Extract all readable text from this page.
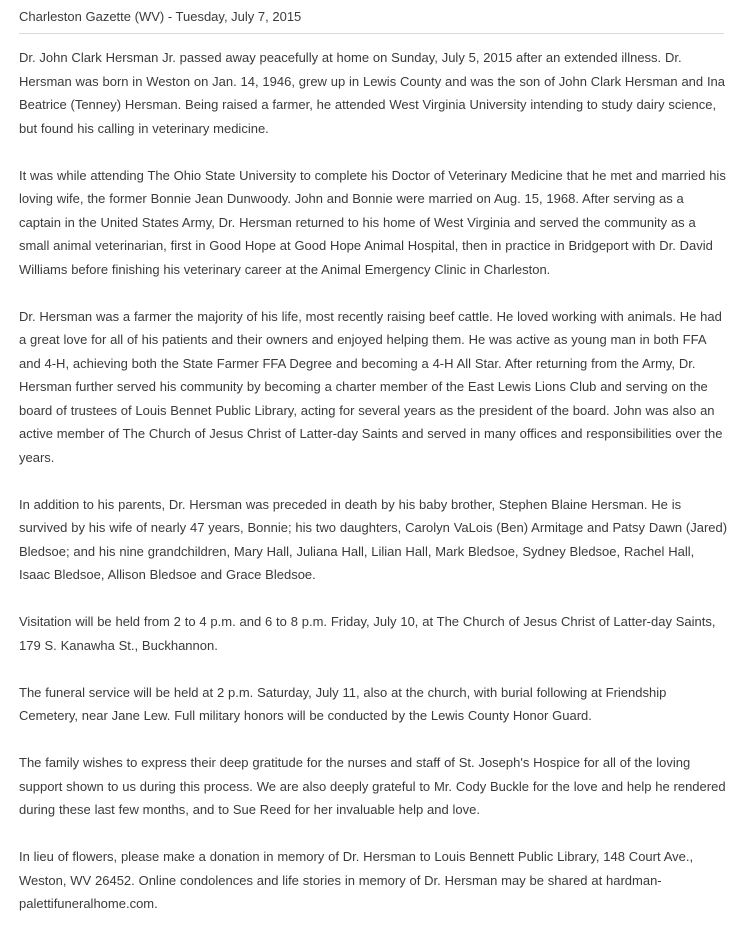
Charleston Gazette (WV) - Tuesday, July 7, 2015

Dr. John Clark Hersman Jr. passed away peacefully at home on Sunday, July 5, 2015 after an extended illness. Dr. Hersman was born in Weston on Jan. 14, 1946, grew up in Lewis County and was the son of John Clark Hersman and Ina Beatrice (Tenney) Hersman. Being raised a farmer, he attended West Virginia University intending to study dairy science, but found his calling in veterinary medicine.

It was while attending The Ohio State University to complete his Doctor of Veterinary Medicine that he met and married his loving wife, the former Bonnie Jean Dunwoody. John and Bonnie were married on Aug. 15, 1968. After serving as a captain in the United States Army, Dr. Hersman returned to his home of West Virginia and served the community as a small animal veterinarian, first in Good Hope at Good Hope Animal Hospital, then in practice in Bridgeport with Dr. David Williams before finishing his veterinary career at the Animal Emergency Clinic in Charleston.

Dr. Hersman was a farmer the majority of his life, most recently raising beef cattle. He loved working with animals. He had a great love for all of his patients and their owners and enjoyed helping them. He was active as young man in both FFA and 4-H, achieving both the State Farmer FFA Degree and becoming a 4-H All Star. After returning from the Army, Dr. Hersman further served his community by becoming a charter member of the East Lewis Lions Club and serving on the board of trustees of Louis Bennet Public Library, acting for several years as the president of the board. John was also an active member of The Church of Jesus Christ of Latter-day Saints and served in many offices and responsibilities over the years.

In addition to his parents, Dr. Hersman was preceded in death by his baby brother, Stephen Blaine Hersman. He is survived by his wife of nearly 47 years, Bonnie; his two daughters, Carolyn VaLois (Ben) Armitage and Patsy Dawn (Jared) Bledsoe; and his nine grandchildren, Mary Hall, Juliana Hall, Lilian Hall, Mark Bledsoe, Sydney Bledsoe, Rachel Hall, Isaac Bledsoe, Allison Bledsoe and Grace Bledsoe.

Visitation will be held from 2 to 4 p.m. and 6 to 8 p.m. Friday, July 10, at The Church of Jesus Christ of Latter-day Saints, 179 S. Kanawha St., Buckhannon.

The funeral service will be held at 2 p.m. Saturday, July 11, also at the church, with burial following at Friendship Cemetery, near Jane Lew. Full military honors will be conducted by the Lewis County Honor Guard.

The family wishes to express their deep gratitude for the nurses and staff of St. Joseph's Hospice for all of the loving support shown to us during this process. We are also deeply grateful to Mr. Cody Buckle for the love and help he rendered during these last few months, and to Sue Reed for her invaluable help and love.

In lieu of flowers, please make a donation in memory of Dr. Hersman to Louis Bennett Public Library, 148 Court Ave., Weston, WV 26452. Online condolences and life stories in memory of Dr. Hersman may be shared at hardman-palettifuneralhome.com.
